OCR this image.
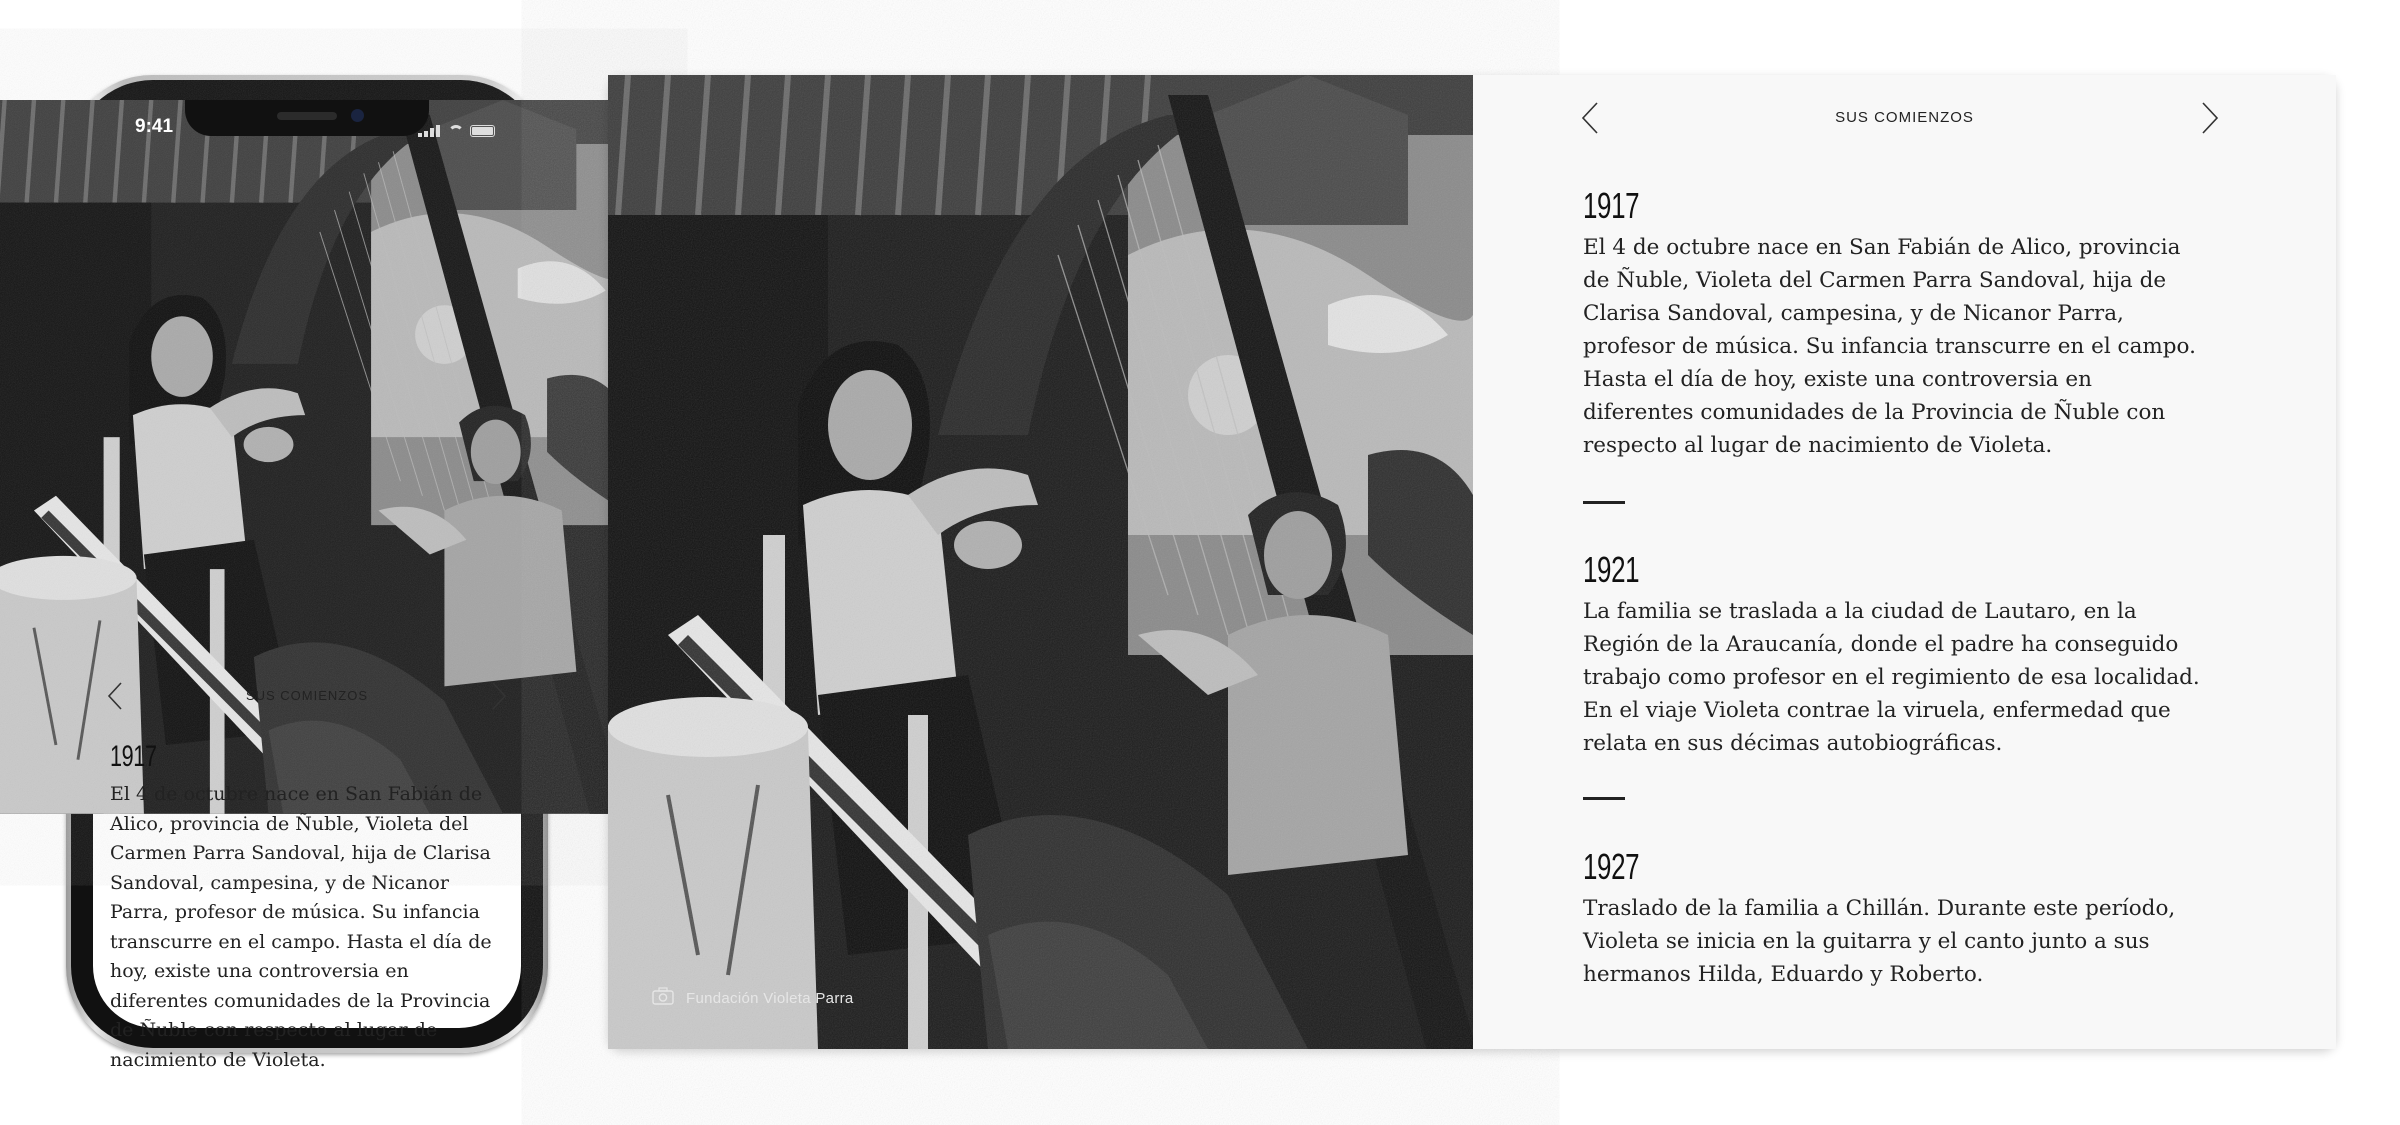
9:41
SUS COMIENZOS
1917
El 4 de octubre nace en San Fabián de Alico, provincia de Ñuble, Violeta del Carmen Parra Sandoval, hija de Clarisa Sandoval, campesina, y de Nicanor Parra, profesor de música. Su infancia transcurre en el campo. Hasta el día de hoy, existe una controversia en diferentes comunidades de la Provincia de Ñuble con respecto al lugar de nacimiento de Violeta.
Fundación Violeta Parra
SUS COMIENZOS
1917
El 4 de octubre nace en San Fabián de Alico, provincia de Ñuble, Violeta del Carmen Parra Sandoval, hija de Clarisa Sandoval, campesina, y de Nicanor Parra, profesor de música. Su infancia transcurre en el campo. Hasta el día de hoy, existe una controversia en diferentes comunidades de la Provincia de Ñuble con respecto al lugar de nacimiento de Violeta.
1921
La familia se traslada a la ciudad de Lautaro, en la Región de la Araucanía, donde el padre ha conseguido trabajo como profesor en el regimiento de esa localidad. En el viaje Violeta contrae la viruela, enfermedad que relata en sus décimas autobiográficas.
1927
Traslado de la familia a Chillán. Durante este período, Violeta se inicia en la guitarra y el canto junto a sus hermanos Hilda, Eduardo y Roberto.
